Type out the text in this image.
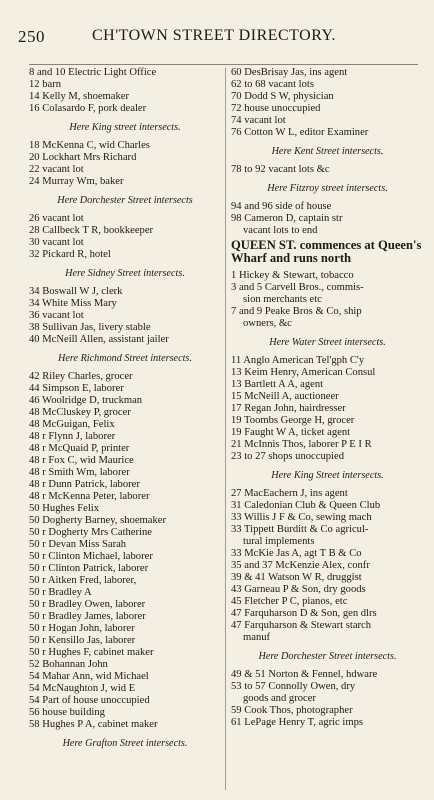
250	CH'TOWN STREET DIRECTORY.
8 and 10 Electric Light Office
12 barn
14 Kelly M, shoemaker
16 Colasardo F, pork dealer
Here King street intersects.
18 McKenna C, wid Charles
20 Lockhart Mrs Richard
22 vacant lot
24 Murray Wm, baker
Here Dorchester Street intersects
26 vacant lot
28 Callbeck T R, bookkeeper
30 vacant lot
32 Pickard R, hotel
Here Sidney Street intersects.
34 Boswall W J, clerk
34 White Miss Mary
36 vacant lot
38 Sullivan Jas, livery stable
40 McNeill Allen, assistant jailer
Here Richmond Street intersects.
42 Riley Charles, grocer
44 Simpson E, laborer
46 Woolridge D, truckman
48 McCluskey P, grocer
48 McGuigan, Felix
48 r Flynn J, laborer
48 r McQuaid P, printer
48 r Fox C, wid Maurice
48 r Smith Wm, laborer
48 r Dunn Patrick, laborer
48 r McKenna Peter, laborer
50 Hughes Felix
50 Dogherty Barney, shoemaker
50 r Dogherty Mrs Catherine
50 r Devan Miss Sarah
50 r Clinton Michael, laborer
50 r Clinton Patrick, laborer
50 r Aitken Fred, laborer,
50 r Bradley A
50 r Bradley Owen, laborer
50 r Bradley James, laborer
50 r Hogan John, laborer
50 r Kensillo Jas, laborer
50 r Hughes F, cabinet maker
52 Bohannan John
54 Mahar Ann, wid Michael
54 McNaughton J, wid E
54 Part of house unoccupied
56 house building
58 Hughes P A, cabinet maker
Here Grafton Street intersects.
60 DesBrisay Jas, ins agent
62 to 68 vacant lots
70 Dodd S W, physician
72 house unoccupied
74 vacant lot
76 Cotton W L, editor Examiner
Here Kent Street intersects.
78 to 92 vacant lots &c
Here Fitzroy street intersects.
94 and 96 side of house
98 Cameron D, captain str
vacant lots to end
QUEEN ST. commences at Queen's Wharf and runs north
1 Hickey & Stewart, tobacco
3 and 5 Carvell Bros., commis-
sion merchants etc
7 and 9 Peake Bros & Co, ship
owners, &c
Here Water Street intersects.
11 Anglo American Tel'gph C'y
13 Keim Henry, American Consul
13 Bartlett A A, agent
15 McNeill A, auctioneer
17 Regan John, hairdresser
19 Toombs George H, grocer
19 Faught W A, ticket agent
21 McInnis Thos, laborer P E I R
23 to 27 shops unoccupied
Here King Street intersects.
27 MacEachern J, ins agent
31 Caledonian Club & Queen Club
33 Willis J F & Co, sewing mach
33 Tippett Burditt & Co agricul-
tural implements
33 McKie Jas A, agt T B & Co
35 and 37 McKenzie Alex, confr
39 & 41 Watson W R, druggist
43 Garneau P & Son, dry goods
45 Fletcher P C, pianos, etc
47 Farquharson D & Son, gen dlrs
47 Farquharson & Stewart starch
manuf
Here Dorchester Street intersects.
49 & 51 Norton & Fennel, hdware
53 to 57 Connolly Owen, dry
goods and grocer
59 Cook Thos, photographer
61 LePage Henry T, agric imps
